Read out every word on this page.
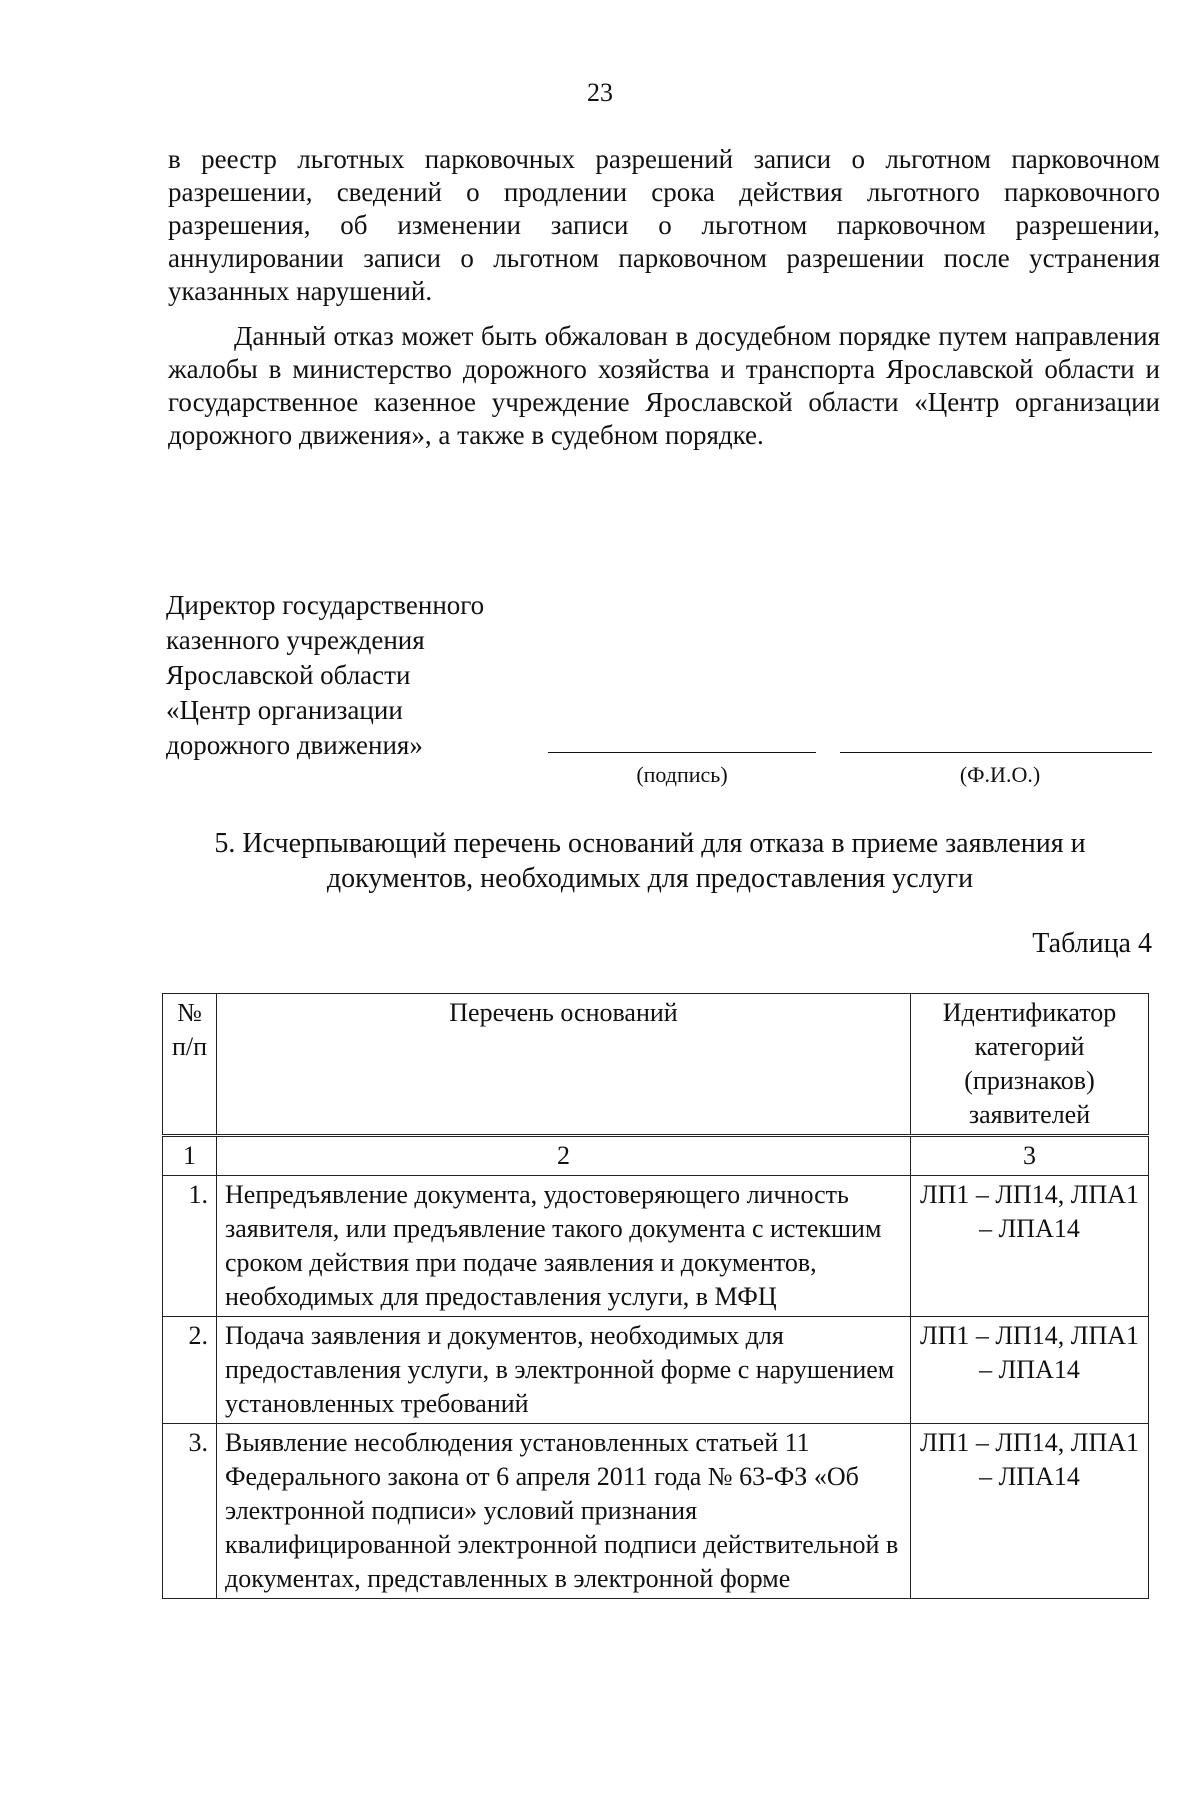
23

в реестр льготных парковочных разрешений записи о льготном парковочном разрешении, сведений о продлении срока действия льготного парковочного разрешения, об изменении записи о льготном парковочном разрешении, аннулировании записи о льготном парковочном разрешении после устранения указанных нарушений.

Данный отказ может быть обжалован в досудебном порядке путем направления жалобы в министерство дорожного хозяйства и транспорта Ярославской области и государственное казенное учреждение Ярославской области «Центр организации дорожного движения», а также в судебном порядке.

Директор государственного
казенного учреждения
Ярославской области
«Центр организации
дорожного движения»
(подпись)	(Ф.И.О.)
5. Исчерпывающий перечень оснований для отказа в приеме заявления и
документов, необходимых для предоставления услуги
Таблица 4
№ п/п	Перечень оснований	Идентификатор категорий (признаков) заявителей
1	2	3
1.	Непредъявление документа, удостоверяющего личность заявителя, или предъявление такого документа с истекшим сроком действия при подаче заявления и документов, необходимых для предоставления услуги, в МФЦ	ЛП1 – ЛП14, ЛПА1 – ЛПА14
2.	Подача заявления и документов, необходимых для предоставления услуги, в электронной форме с нарушением установленных требований	ЛП1 – ЛП14, ЛПА1 – ЛПА14
3.	Выявление несоблюдения установленных статьей 11 Федерального закона от 6 апреля 2011 года № 63-ФЗ «Об электронной подписи» условий признания квалифицированной электронной подписи действительной в документах, представленных в электронной форме	ЛП1 – ЛП14, ЛПА1 – ЛПА14
